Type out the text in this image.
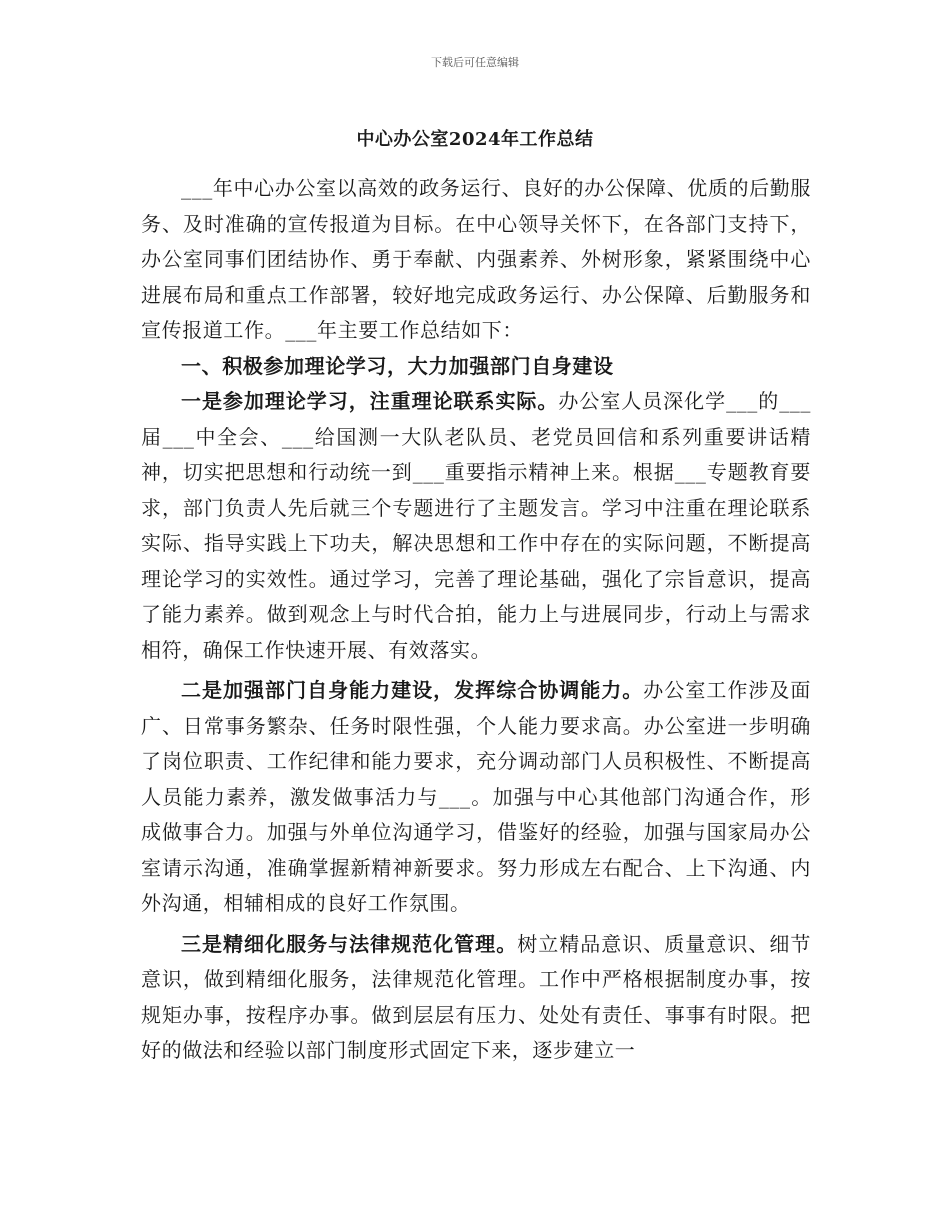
下载后可任意编辑
中心办公室2024年工作总结

___年中心办公室以高效的政务运行、良好的办公保障、优质的后勤服务、及时准确的宣传报道为目标。在中心领导关怀下，在各部门支持下，办公室同事们团结协作、勇于奉献、内强素养、外树形象，紧紧围绕中心进展布局和重点工作部署，较好地完成政务运行、办公保障、后勤服务和宣传报道工作。___年主要工作总结如下：

一、积极参加理论学习，大力加强部门自身建设

一是参加理论学习，注重理论联系实际。办公室人员深化学___的___届___中全会、___给国测一大队老队员、老党员回信和系列重要讲话精神，切实把思想和行动统一到___重要指示精神上来。根据___专题教育要求，部门负责人先后就三个专题进行了主题发言。学习中注重在理论联系实际、指导实践上下功夫，解决思想和工作中存在的实际问题，不断提高理论学习的实效性。通过学习，完善了理论基础，强化了宗旨意识，提高了能力素养。做到观念上与时代合拍，能力上与进展同步，行动上与需求相符，确保工作快速开展、有效落实。

二是加强部门自身能力建设，发挥综合协调能力。办公室工作涉及面广、日常事务繁杂、任务时限性强，个人能力要求高。办公室进一步明确了岗位职责、工作纪律和能力要求，充分调动部门人员积极性、不断提高人员能力素养，激发做事活力与___。加强与中心其他部门沟通合作，形成做事合力。加强与外单位沟通学习，借鉴好的经验，加强与国家局办公室请示沟通，准确掌握新精神新要求。努力形成左右配合、上下沟通、内外沟通，相辅相成的良好工作氛围。

三是精细化服务与法律规范化管理。树立精品意识、质量意识、细节意识，做到精细化服务，法律规范化管理。工作中严格根据制度办事，按规矩办事，按程序办事。做到层层有压力、处处有责任、事事有时限。把好的做法和经验以部门制度形式固定下来，逐步建立一
